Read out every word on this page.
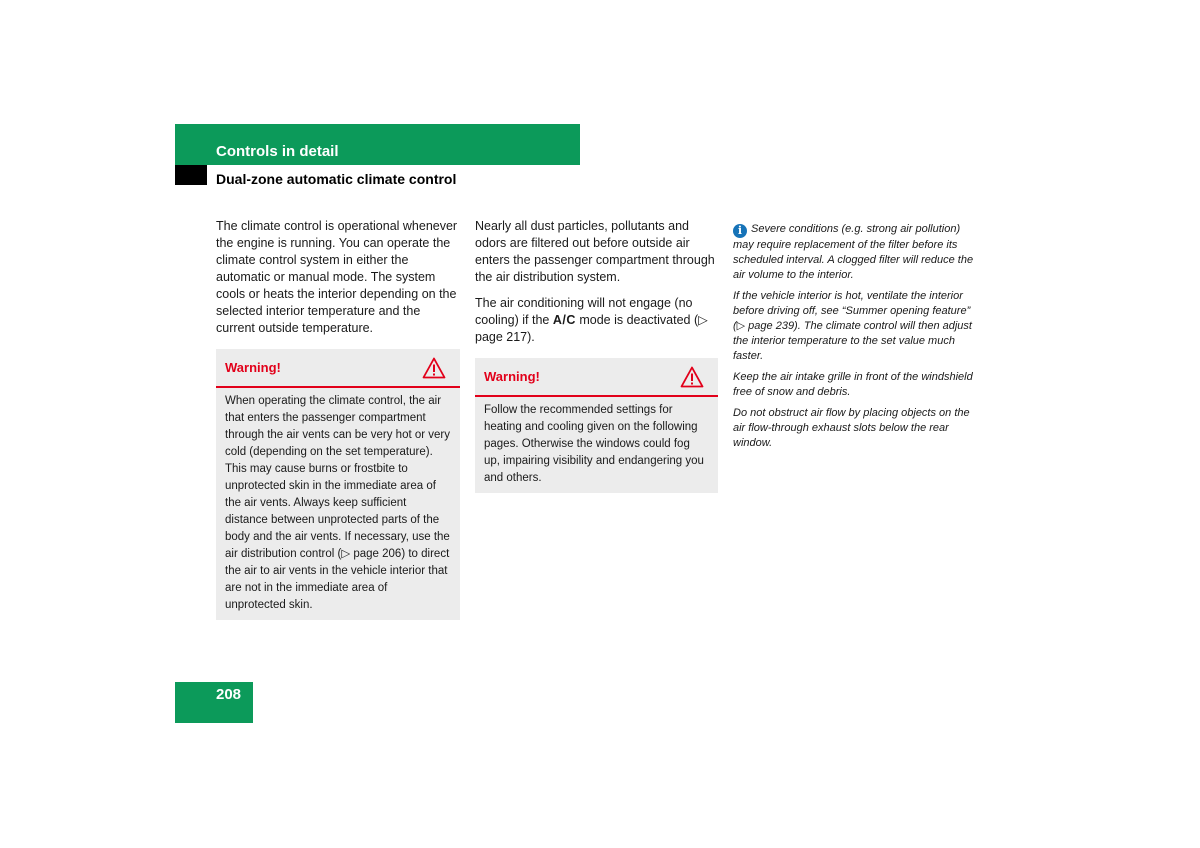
Controls in detail
Dual-zone automatic climate control

The climate control is operational whenever the engine is running. You can operate the climate control system in either the automatic or manual mode. The system cools or heats the interior depending on the selected interior temperature and the current outside temperature.

Warning!
When operating the climate control, the air that enters the passenger compartment through the air vents can be very hot or very cold (depending on the set temperature). This may cause burns or frostbite to unprotected skin in the immediate area of the air vents. Always keep sufficient distance between unprotected parts of the body and the air vents. If necessary, use the air distribution control (▷ page 206) to direct the air to air vents in the vehicle interior that are not in the immediate area of unprotected skin.

Nearly all dust particles, pollutants and odors are filtered out before outside air enters the passenger compartment through the air distribution system.

The air conditioning will not engage (no cooling) if the A/C mode is deactivated (▷ page 217).

Warning!
Follow the recommended settings for heating and cooling given on the following pages. Otherwise the windows could fog up, impairing visibility and endangering you and others.

i Severe conditions (e.g. strong air pollution) may require replacement of the filter before its scheduled interval. A clogged filter will reduce the air volume to the interior.

If the vehicle interior is hot, ventilate the interior before driving off, see “Summer opening feature” (▷ page 239). The climate control will then adjust the interior temperature to the set value much faster.

Keep the air intake grille in front of the windshield free of snow and debris.

Do not obstruct air flow by placing objects on the air flow-through exhaust slots below the rear window.

208
